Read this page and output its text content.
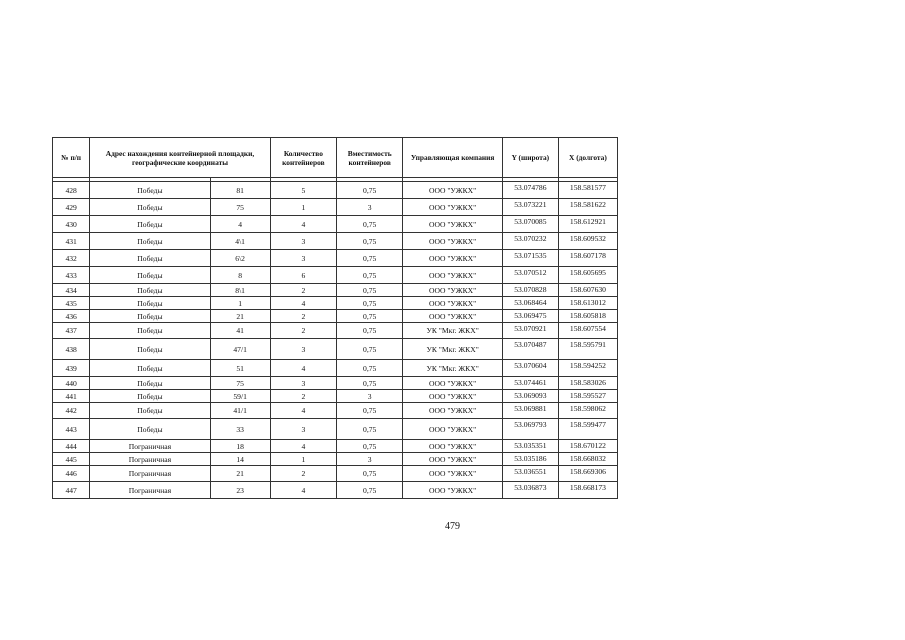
№ п/п	Адрес нахождения контейнерной площадки, географические координаты		Количество контейнеров	Вместимость контейнеров	Управляющая компания	Y (широта)	X (долгота)

428	Победы	81	5	0,75	ООО "УЖКХ"	53.074786	158.581577
429	Победы	75	1	3	ООО "УЖКХ"	53.073221	158.581622
430	Победы	4	4	0,75	ООО "УЖКХ"	53.070085	158.612921
431	Победы	4\1	3	0,75	ООО "УЖКХ"	53.070232	158.609532
432	Победы	6\2	3	0,75	ООО "УЖКХ"	53.071535	158.607178
433	Победы	8	6	0,75	ООО "УЖКХ"	53.070512	158.605695
434	Победы	8\1	2	0,75	ООО "УЖКХ"	53.070828	158.607630
435	Победы	1	4	0,75	ООО "УЖКХ"	53.068464	158.613012
436	Победы	21	2	0,75	ООО "УЖКХ"	53.069475	158.605818
437	Победы	41	2	0,75	УК "Мкг. ЖКХ"	53.070921	158.607554
438	Победы	47/1	3	0,75	УК "Мкг. ЖКХ"	53.070487	158.595791
439	Победы	51	4	0,75	УК "Мкг. ЖКХ"	53.070604	158.594252
440	Победы	75	3	0,75	ООО "УЖКХ"	53.074461	158.583026
441	Победы	59/1	2	3	ООО "УЖКХ"	53.069093	158.595527
442	Победы	41/1	4	0,75	ООО "УЖКХ"	53.069881	158.598062
443	Победы	33	3	0,75	ООО "УЖКХ"	53.069793	158.599477
444	Пограничная	18	4	0,75	ООО "УЖКХ"	53.035351	158.670122
445	Пограничная	14	1	3	ООО "УЖКХ"	53.035186	158.668032
446	Пограничная	21	2	0,75	ООО "УЖКХ"	53.036551	158.669306
447	Пограничная	23	4	0,75	ООО "УЖКХ"	53.036873	158.668173
479
